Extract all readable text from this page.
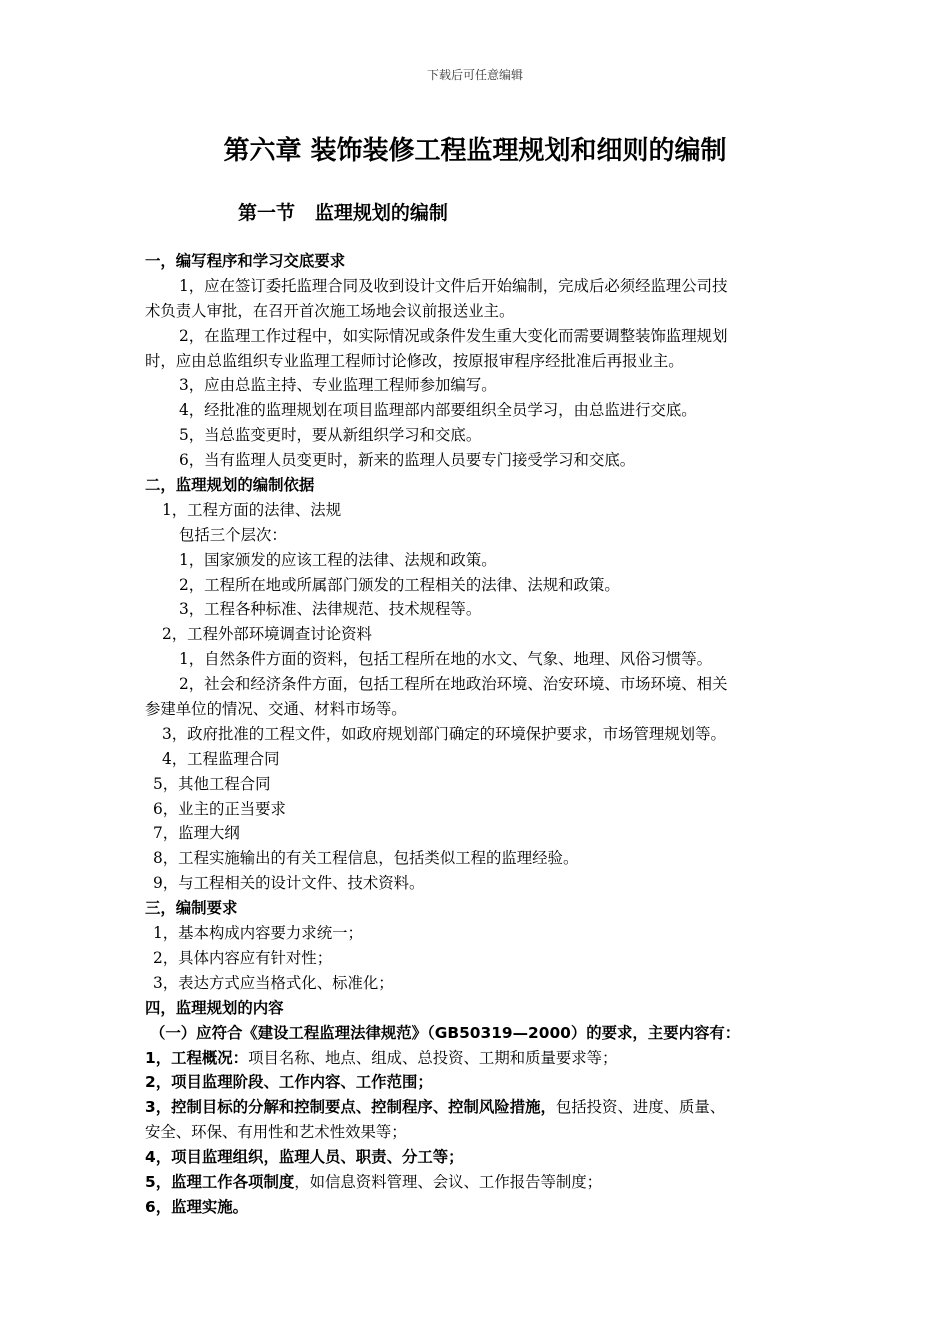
下载后可任意编辑
第六章 装饰装修工程监理规划和细则的编制
第一节   监理规划的编制
一，编写程序和学习交底要求
1，应在签订委托监理合同及收到设计文件后开始编制，完成后必须经监理公司技
术负责人审批，在召开首次施工场地会议前报送业主。
2，在监理工作过程中，如实际情况或条件发生重大变化而需要调整装饰监理规划
时，应由总监组织专业监理工程师讨论修改，按原报审程序经批准后再报业主。
3，应由总监主持、专业监理工程师参加编写。
4，经批准的监理规划在项目监理部内部要组织全员学习，由总监进行交底。
5，当总监变更时，要从新组织学习和交底。
6，当有监理人员变更时，新来的监理人员要专门接受学习和交底。
二，监理规划的编制依据
1，工程方面的法律、法规
包括三个层次：
1，国家颁发的应该工程的法律、法规和政策。
2，工程所在地或所属部门颁发的工程相关的法律、法规和政策。
3，工程各种标准、法律规范、技术规程等。
2，工程外部环境调查讨论资料
1，自然条件方面的资料，包括工程所在地的水文、气象、地理、风俗习惯等。
2，社会和经济条件方面，包括工程所在地政治环境、治安环境、市场环境、相关
参建单位的情况、交通、材料市场等。
3，政府批准的工程文件，如政府规划部门确定的环境保护要求，市场管理规划等。
4，工程监理合同
5，其他工程合同
6，业主的正当要求
7，监理大纲
8，工程实施输出的有关工程信息，包括类似工程的监理经验。
9，与工程相关的设计文件、技术资料。
三，编制要求
1，基本构成内容要力求统一；
2，具体内容应有针对性；
3，表达方式应当格式化、标准化；
四，监理规划的内容
（一）应符合《建设工程监理法律规范》（GB50319—2000）的要求，主要内容有：
1，工程概况：项目名称、地点、组成、总投资、工期和质量要求等；
2，项目监理阶段、工作内容、工作范围；
3，控制目标的分解和控制要点、控制程序、控制风险措施，包括投资、进度、质量、
安全、环保、有用性和艺术性效果等；
4，项目监理组织，监理人员、职责、分工等；
5，监理工作各项制度，如信息资料管理、会议、工作报告等制度；
6，监理实施。
